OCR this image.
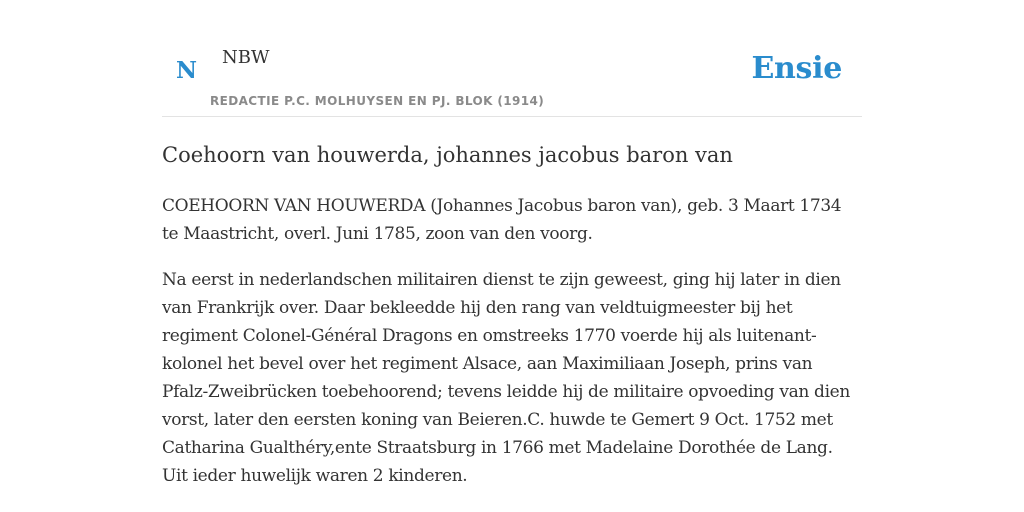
N NBW	Ensie
REDACTIE P.C. MOLHUYSEN EN PJ. BLOK (1914)
Coehoorn van houwerda, johannes jacobus baron van

COEHOORN VAN HOUWERDA (Johannes Jacobus baron van), geb. 3 Maart 1734 te Maastricht, overl. Juni 1785, zoon van den voorg.

Na eerst in nederlandschen militairen dienst te zijn geweest, ging hij later in dien van Frankrijk over. Daar bekleedde hij den rang van veldtuigmeester bij het regiment Colonel-Général Dragons en omstreeks 1770 voerde hij als luitenant-kolonel het bevel over het regiment Alsace, aan Maximiliaan Joseph, prins van Pfalz-Zweibrücken toebehoorend; tevens leidde hij de militaire opvoeding van dien vorst, later den eersten koning van Beieren.C. huwde te Gemert 9 Oct. 1752 met Catharina Gualthéry,ente Straatsburg in 1766 met Madelaine Dorothée de Lang. Uit ieder huwelijk waren 2 kinderen.
